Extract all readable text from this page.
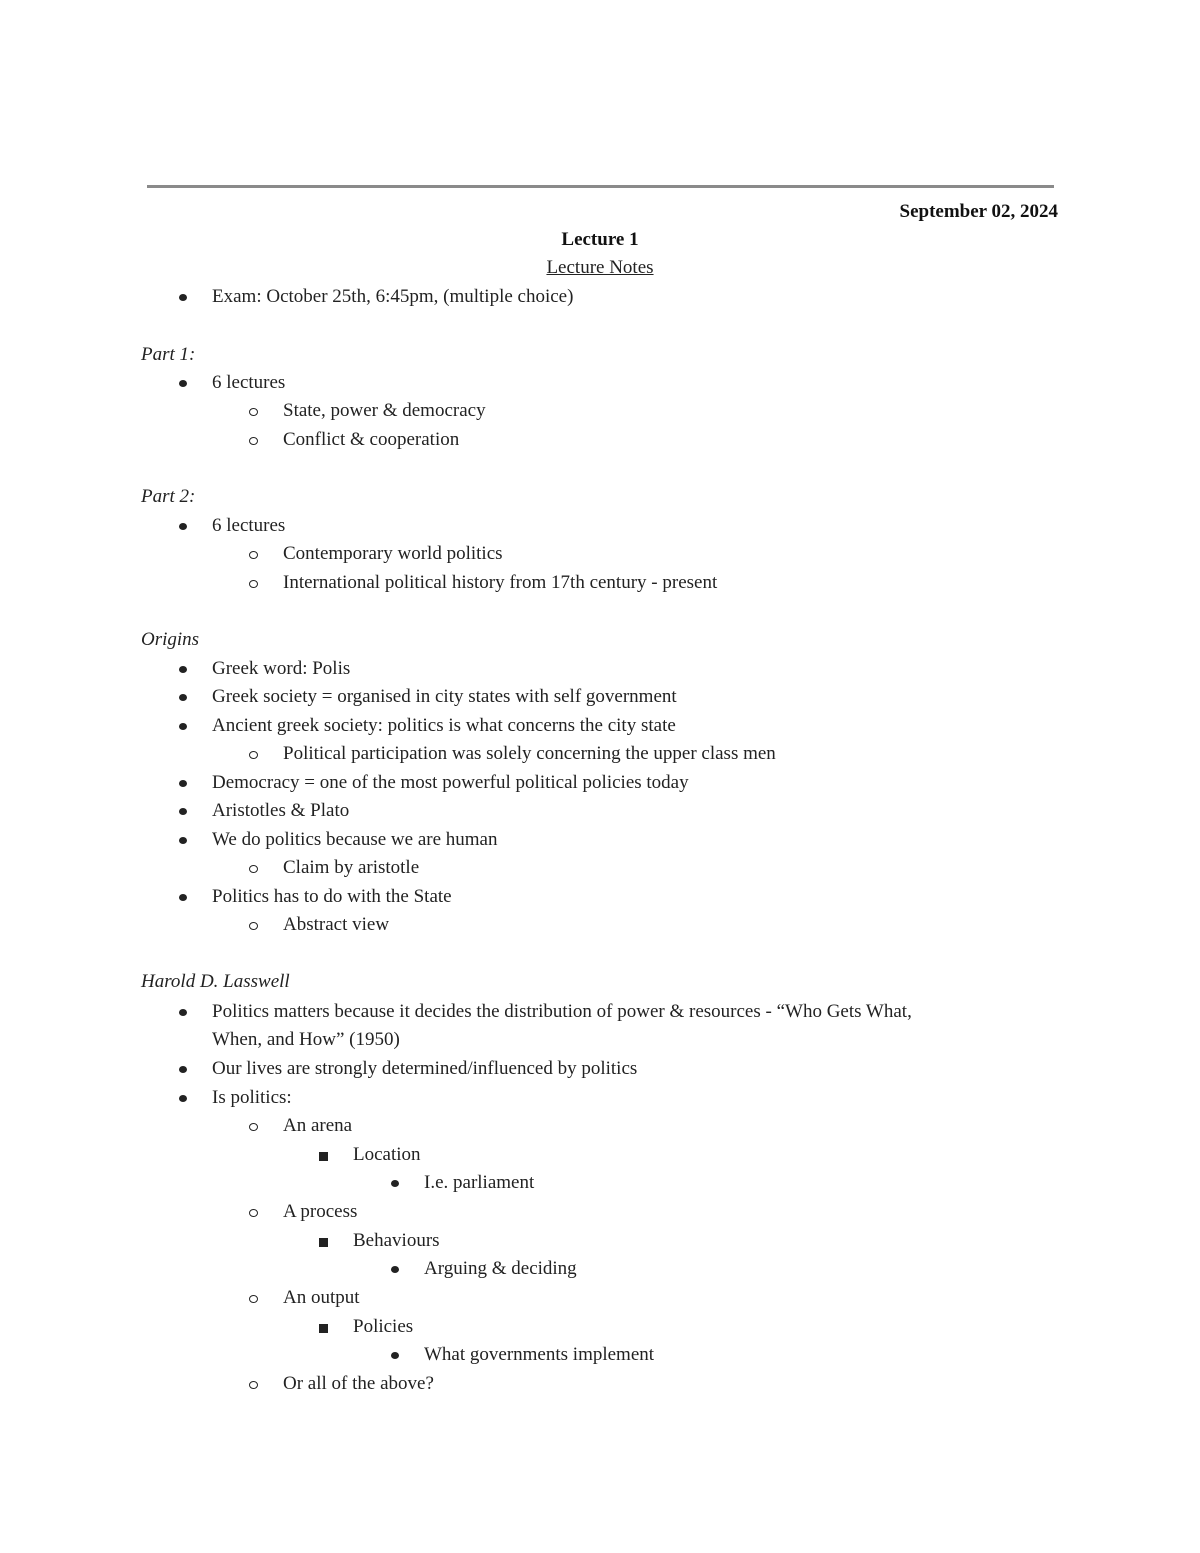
September 02, 2024
Lecture 1
Lecture Notes
Exam: October 25th, 6:45pm, (multiple choice)
Part 1:
6 lectures
State, power & democracy
Conflict & cooperation
Part 2:
6 lectures
Contemporary world politics
International political history from 17th century - present
Origins
Greek word: Polis
Greek society = organised in city states with self government
Ancient greek society: politics is what concerns the city state
Political participation was solely concerning the upper class men
Democracy = one of the most powerful political policies today
Aristotles & Plato
We do politics because we are human
Claim by aristotle
Politics has to do with the State
Abstract view
Harold D. Lasswell
Politics matters because it decides the distribution of power & resources - “Who Gets What,
When, and How” (1950)
Our lives are strongly determined/influenced by politics
Is politics:
An arena
Location
I.e. parliament
A process
Behaviours
Arguing & deciding
An output
Policies
What governments implement
Or all of the above?
